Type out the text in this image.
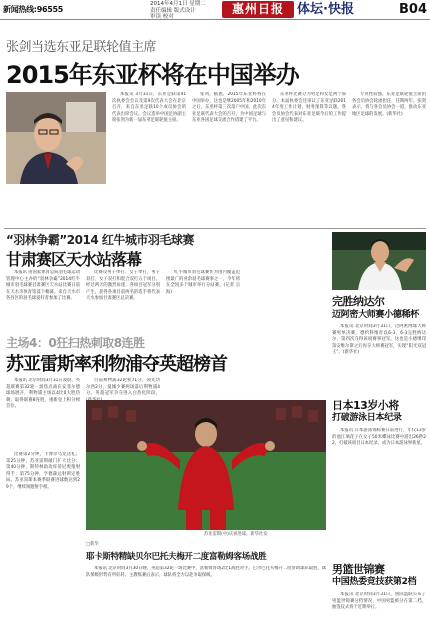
新闻热线:96555
2014年4月1日 星期二
责任编辑 版式设计
审读 校对
惠州日报	体坛·快报	B04
张剑当选东亚足联轮值主席
2015年东亚杯将在中国举办

本报讯 3月31日，东亚足联第41次执委会会议及第9次代表大会在北京召开，来自东亚足联10个成员协会的代表出席会议。会议选举中国足协副主席张剑为新一届东亚足联轮值主席。

张剑。据悉，2015年东亚杯将在中国举办，这也是继2005年和2010年之后，东亚杯第三次落户中国。此次东亚足联代表大会的召开，为中国足球与东亚各国足球交流合作搭建了平台。

东亚杯比赛分为男足和女足两个部分。本届执委会还审议了东亚足联2014年度工作计划、财务预算等议题，各会员协会代表对东亚足联今后的工作提出了意见和建议。

专业性较强。东亚足联轮值主席由各会员协会轮流担任，任期两年。张剑表示，将与各会员协会一道，推动东亚地区足球的发展。(新华社)

“羽林争霸”2014 红牛城市羽毛球赛
甘肃赛区天水站落幕

本报讯 由国家体育总局羽毛球运动管理中心主办的“羽林争霸”2014红牛城市羽毛球赛甘肃赛区天水站比赛日前在天水市体育馆落下帷幕。来自天水市各县区的羽毛球爱好者参加了比赛。

比赛设男子单打、女子单打、男子双打、女子双打和混合双打五个项目。经过两天的激烈角逐，各项目冠军分别产生。获得各项目前两名的选手将代表天水参加甘肃赛区总决赛。

红牛城市羽毛球赛作为国内覆盖范围最广的业余羽毛球赛事之一，今年将在全国多个城市举行分站赛。(记者 宗海)

完胜纳达尔
迈阿密大师赛小德稀杯

本报讯 北京时间3月31日，迈阿密网球大师赛男单决赛，德约科维奇以6-3、6-3完胜纳达尔，第四次夺得该项赛事冠军。这也是小德继印第安维尔斯之后再夺大师赛冠军，实现“阳光双冠王”。(新华社)

主场4：0狂扫热刺取8连胜
苏亚雷斯率利物浦夺英超榜首

本报讯 北京时间3月31日凌晨，英超联赛第32轮一场焦点战在安菲尔德球场展开，利物浦主场以4比0大胜热刺，取得联赛8连胜，重新登上积分榜首位。

比赛第2分钟，卡博尔乌龙送礼；第25分钟，苏亚雷斯破门扩大比分；第40分钟，斯特林助攻库蒂尼奥推射得手；第75分钟，亨德森远射锁定胜局。苏亚雷斯本赛季联赛进球数达到29个，继续领跑射手榜。

目前利物浦32轮积71分，领先切尔西2分，曼城少赛两场落后利物浦4分。英超冠军争夺进入白热化阶段。

苏亚雷斯(中)庆祝进球。新华社发
日本13岁小将
打破游泳日本纪录

本报讯 日本游泳锦标赛日前进行，年仅13岁的池江璃花子在女子50米蝶泳比赛中游出26秒22，打破该项目日本纪录，成为日本游泳界新星。

□新华
耶卡斯特精缺贝尔巴托夫梅开二度富勒姆客场战胜

本报讯 北京时间3月30日晚，英超第32轮一场比赛中，富勒姆客场2比1战胜对手。巴尔巴托夫梅开二度帮助球队取胜，球队保级形势有所好转。主教练赛后表示，球队将全力以赴争取保级。	男篮世锦赛
中国热委竞技获第2档

本报讯 北京时间3月31日，国际篮联公布了男篮世锦赛分档情况，中国男篮被分在第二档。抽签仪式将于近期举行。
